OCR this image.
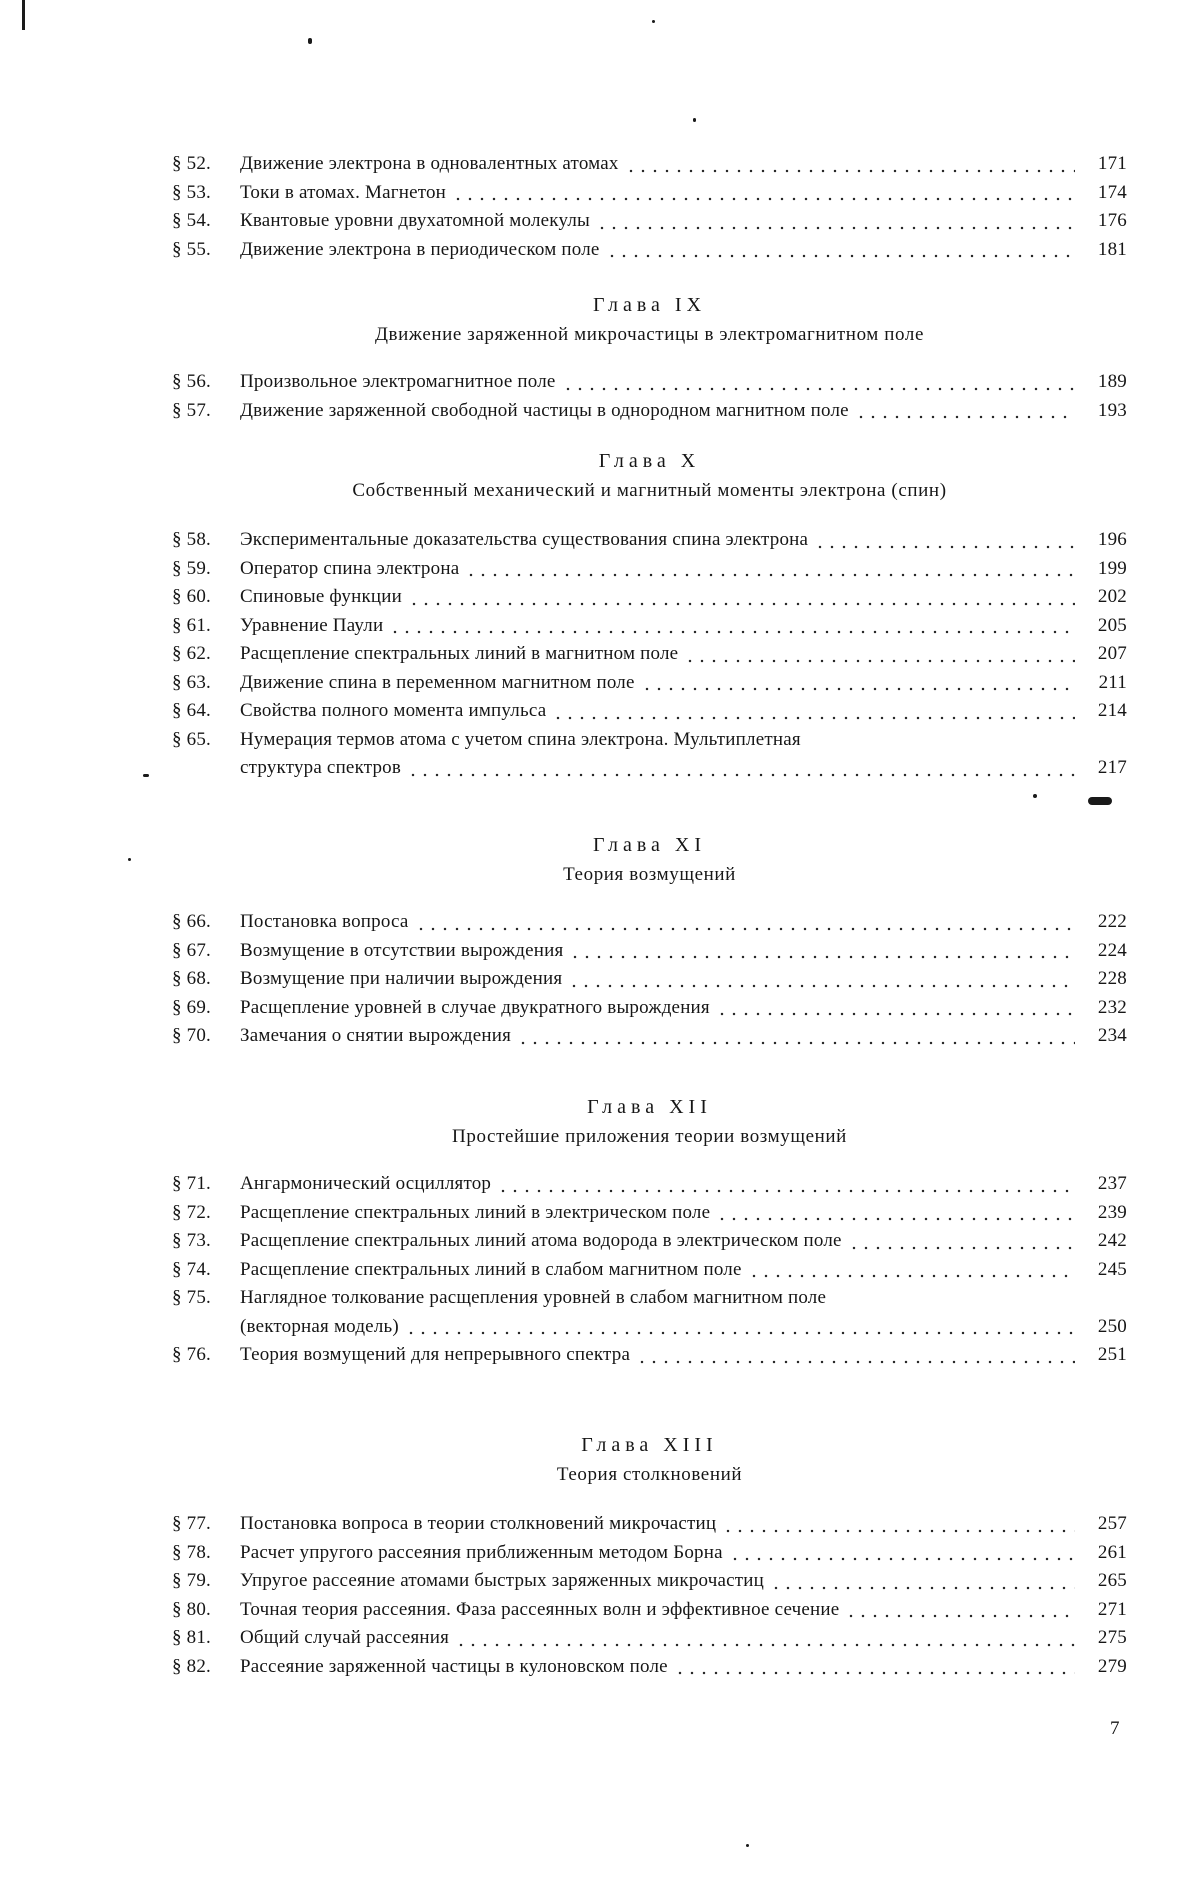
§ 52.	Движение электрона в одновалентных атомах	171
§ 53.	Токи в атомах. Магнетон	174
§ 54.	Квантовые уровни двухатомной молекулы	176
§ 55.	Движение электрона в периодическом поле	181
Глава IX
Движение заряженной микрочастицы в электромагнитном поле
§ 56.	Произвольное электромагнитное поле	189
§ 57.	Движение заряженной свободной частицы в однородном магнитном поле	193
Глава X
Собственный механический и магнитный моменты электрона (спин)
§ 58.	Экспериментальные доказательства существования спина электрона	196
§ 59.	Оператор спина электрона	199
§ 60.	Спиновые функции	202
§ 61.	Уравнение Паули	205
§ 62.	Расщепление спектральных линий в магнитном поле	207
§ 63.	Движение спина в переменном магнитном поле	211
§ 64.	Свойства полного момента импульса	214
§ 65.	Нумерация термов атома с учетом спина электрона. Мультиплетная
структура спектров	217
Глава XI
Теория возмущений
§ 66.	Постановка вопроса	222
§ 67.	Возмущение в отсутствии вырождения	224
§ 68.	Возмущение при наличии вырождения	228
§ 69.	Расщепление уровней в случае двукратного вырождения	232
§ 70.	Замечания о снятии вырождения	234
Глава XII
Простейшие приложения теории возмущений
§ 71.	Ангармонический осциллятор	237
§ 72.	Расщепление спектральных линий в электрическом поле	239
§ 73.	Расщепление спектральных линий атома водорода в электрическом поле	242
§ 74.	Расщепление спектральных линий в слабом магнитном поле	245
§ 75.	Наглядное толкование расщепления уровней в слабом магнитном поле
(векторная модель)	250
§ 76.	Теория возмущений для непрерывного спектра	251
Глава XIII
Теория столкновений
§ 77.	Постановка вопроса в теории столкновений микрочастиц	257
§ 78.	Расчет упругого рассеяния приближенным методом Борна	261
§ 79.	Упругое рассеяние атомами быстрых заряженных микрочастиц	265
§ 80.	Точная теория рассеяния. Фаза рассеянных волн и эффективное сечение	271
§ 81.	Общий случай рассеяния	275
§ 82.	Рассеяние заряженной частицы в кулоновском поле	279
7
